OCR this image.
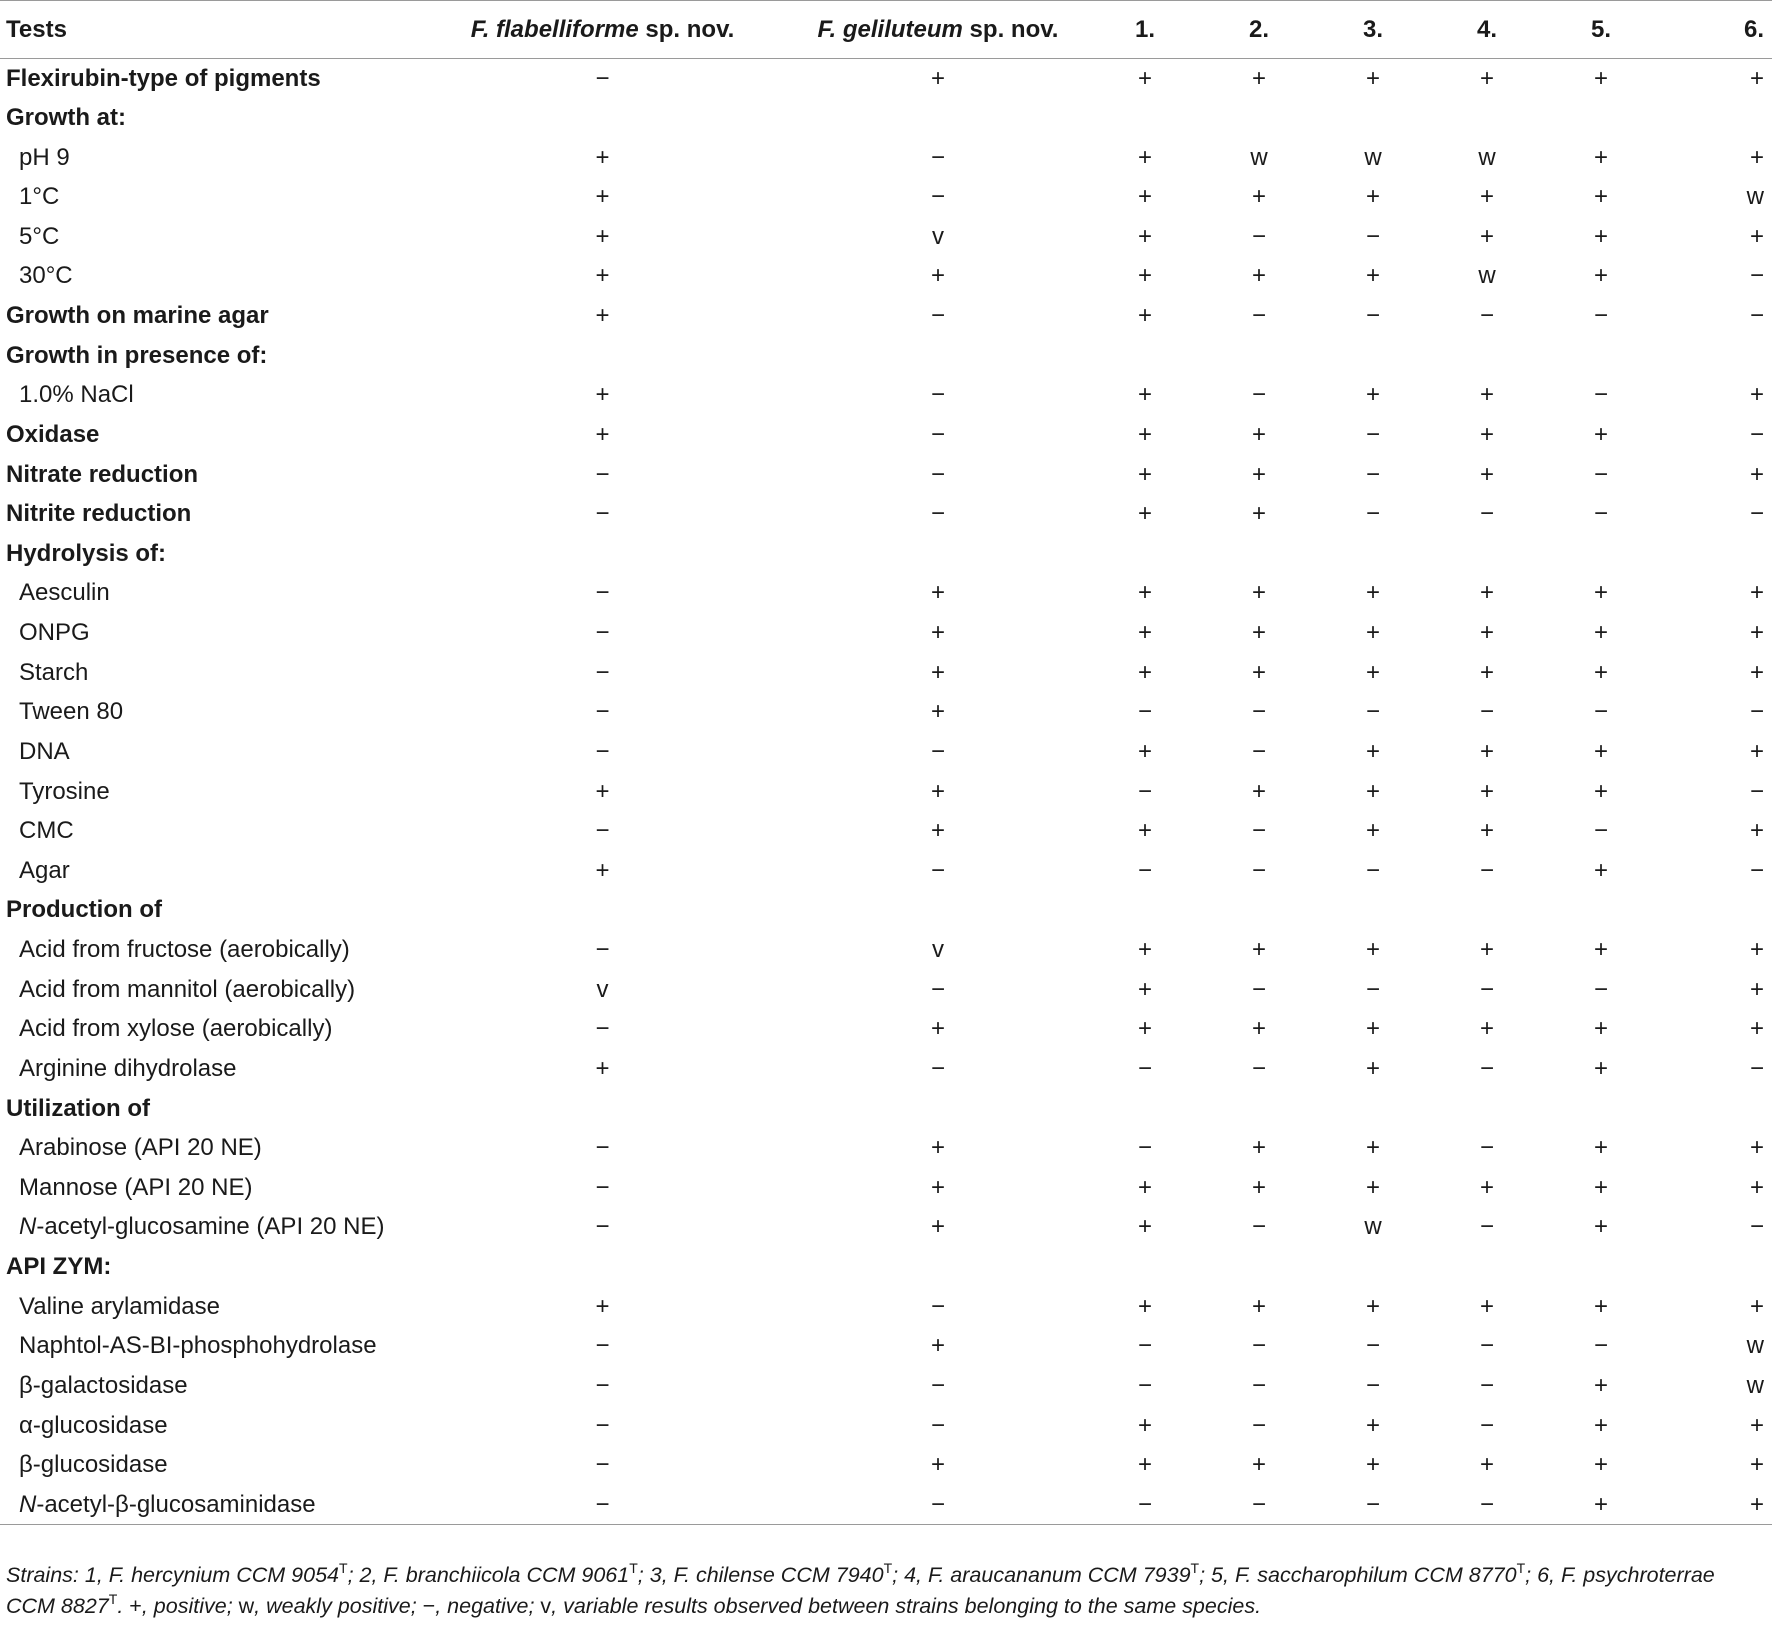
Tests	F. flabelliforme sp. nov.	F. geliluteum sp. nov.	1.	2.	3.	4.	5.	6.
Flexirubin-type of pigments	−	+	+	+	+	+	+	+
Growth at:								
pH 9	+	−	+	w	w	w	+	+
1°C	+	−	+	+	+	+	+	w
5°C	+	v	+	−	−	+	+	+
30°C	+	+	+	+	+	w	+	−
Growth on marine agar	+	−	+	−	−	−	−	−
Growth in presence of:								
1.0% NaCl	+	−	+	−	+	+	−	+
Oxidase	+	−	+	+	−	+	+	−
Nitrate reduction	−	−	+	+	−	+	−	+
Nitrite reduction	−	−	+	+	−	−	−	−
Hydrolysis of:								
Aesculin	−	+	+	+	+	+	+	+
ONPG	−	+	+	+	+	+	+	+
Starch	−	+	+	+	+	+	+	+
Tween 80	−	+	−	−	−	−	−	−
DNA	−	−	+	−	+	+	+	+
Tyrosine	+	+	−	+	+	+	+	−
CMC	−	+	+	−	+	+	−	+
Agar	+	−	−	−	−	−	+	−
Production of								
Acid from fructose (aerobically)	−	v	+	+	+	+	+	+
Acid from mannitol (aerobically)	v	−	+	−	−	−	−	+
Acid from xylose (aerobically)	−	+	+	+	+	+	+	+
Arginine dihydrolase	+	−	−	−	+	−	+	−
Utilization of								
Arabinose (API 20 NE)	−	+	−	+	+	−	+	+
Mannose (API 20 NE)	−	+	+	+	+	+	+	+
N-acetyl-glucosamine (API 20 NE)	−	+	+	−	w	−	+	−
API ZYM:								
Valine arylamidase	+	−	+	+	+	+	+	+
Naphtol-AS-BI-phosphohydrolase	−	+	−	−	−	−	−	w
β-galactosidase	−	−	−	−	−	−	+	w
α-glucosidase	−	−	+	−	+	−	+	+
β-glucosidase	−	+	+	+	+	+	+	+
N-acetyl-β-glucosaminidase	−	−	−	−	−	−	+	+
Strains: 1, F. hercynium CCM $9054^T$; 2, F. branchiicola CCM $9061^T$; 3, F. chilense CCM $7940^T$; 4, F. araucananum CCM $7939^T$; 5, F. saccharophilum CCM $8770^T$; 6, F. psychroterrae CCM $8827^T$. +, positive; w, weakly positive; −, negative; v, variable results observed between strains belonging to the same species.
